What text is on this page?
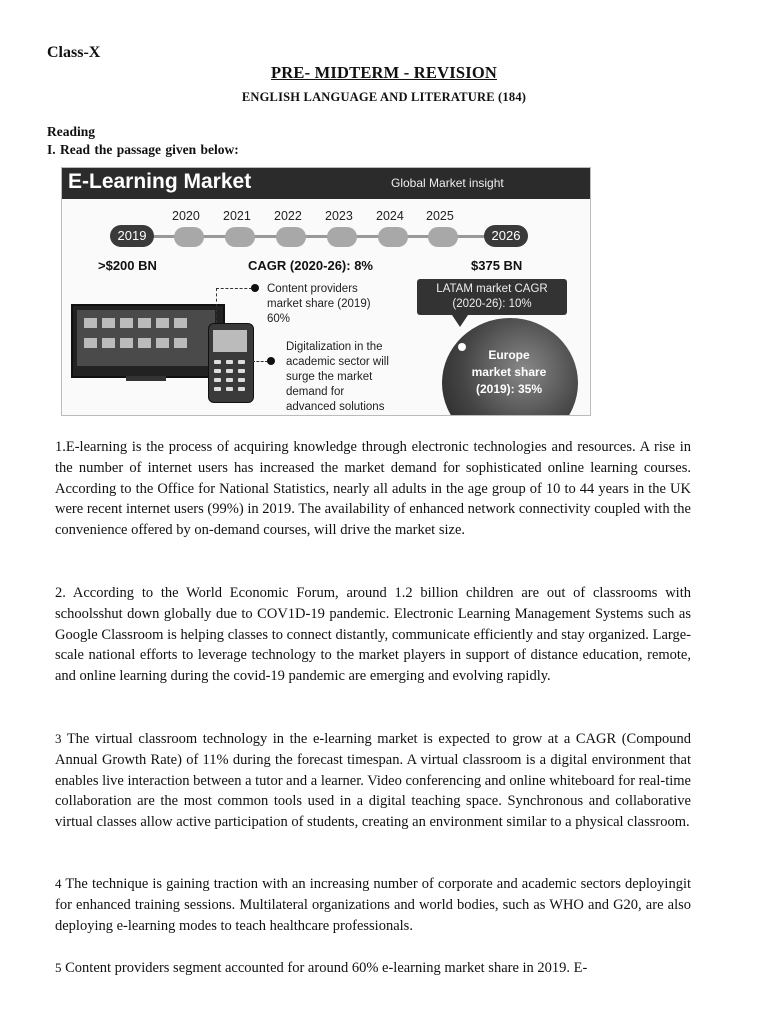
Class-X
PRE- MIDTERM - REVISION
ENGLISH LANGUAGE AND LITERATURE (184)
Reading
I. Read the passage given below:
E-Learning Market	Global Market insight
2019
2020 2021 2022 2023 2024 2025
2026
>$200 BN	CAGR (2020-26): 8%	$375 BN
Content providers
market share (2019)
60%
Digitalization in the
academic sector will
surge the market
demand for
advanced solutions
LATAM market CAGR
(2020-26): 10%
Europe
market share
(2019): 35%

1.E-learning is the process of acquiring knowledge through electronic technologies and resources. A rise in the number of internet users has increased the market demand for sophisticated online learning courses. According to the Office for National Statistics, nearly all adults in the age group of 10 to 44 years in the UK were recent internet users (99%) in 2019. The availability of enhanced network connectivity coupled with the convenience offered by on-demand courses, will drive the market size.

2. According to the World Economic Forum, around 1.2 billion children are out of classrooms with schoolsshut down globally due to COV1D-19 pandemic. Electronic Learning Management Systems such as Google Classroom is helping classes to connect distantly, communicate efficiently and stay organized. Large-scale national efforts to leverage technology to the market players in support of distance education, remote, and online learning during the covid-19 pandemic are emerging and evolving rapidly.

3 The virtual classroom technology in the e-learning market is expected to grow at a CAGR (Compound Annual Growth Rate) of 11% during the forecast timespan. A virtual classroom is a digital environment that enables live interaction between a tutor and a learner. Video conferencing and online whiteboard for real-time collaboration are the most common tools used in a digital teaching space. Synchronous and collaborative virtual classes allow active participation of students, creating an environment similar to a physical classroom.

4 The technique is gaining traction with an increasing number of corporate and academic sectors deployingit for enhanced training sessions. Multilateral organizations and world bodies, such as WHO and G20, are also deploying e-learning modes to teach healthcare professionals.

5 Content providers segment accounted for around 60% e-learning market share in 2019. E-
